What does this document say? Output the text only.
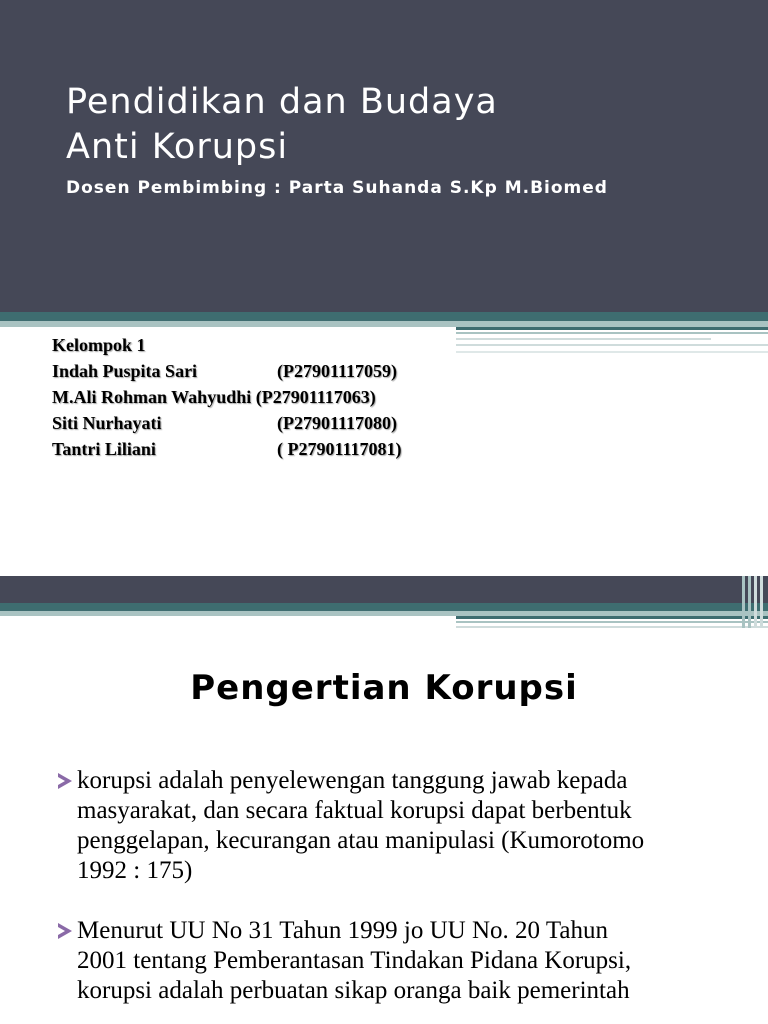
Pendidikan dan Budaya
Anti Korupsi
Dosen Pembimbing : Parta Suhanda S.Kp M.Biomed
Kelompok 1
Indah Puspita Sari	(P27901117059)
M.Ali Rohman Wahyudhi (P27901117063)
Siti Nurhayati	(P27901117080)
Tantri Liliani	( P27901117081)
Pengertian Korupsi
korupsi adalah penyelewengan tanggung jawab kepada
masyarakat, dan secara faktual korupsi dapat berbentuk
penggelapan, kecurangan atau manipulasi (Kumorotomo
1992 : 175)
Menurut UU No 31 Tahun 1999 jo UU No. 20 Tahun
2001 tentang Pemberantasan Tindakan Pidana Korupsi,
korupsi adalah perbuatan sikap oranga baik pemerintah
